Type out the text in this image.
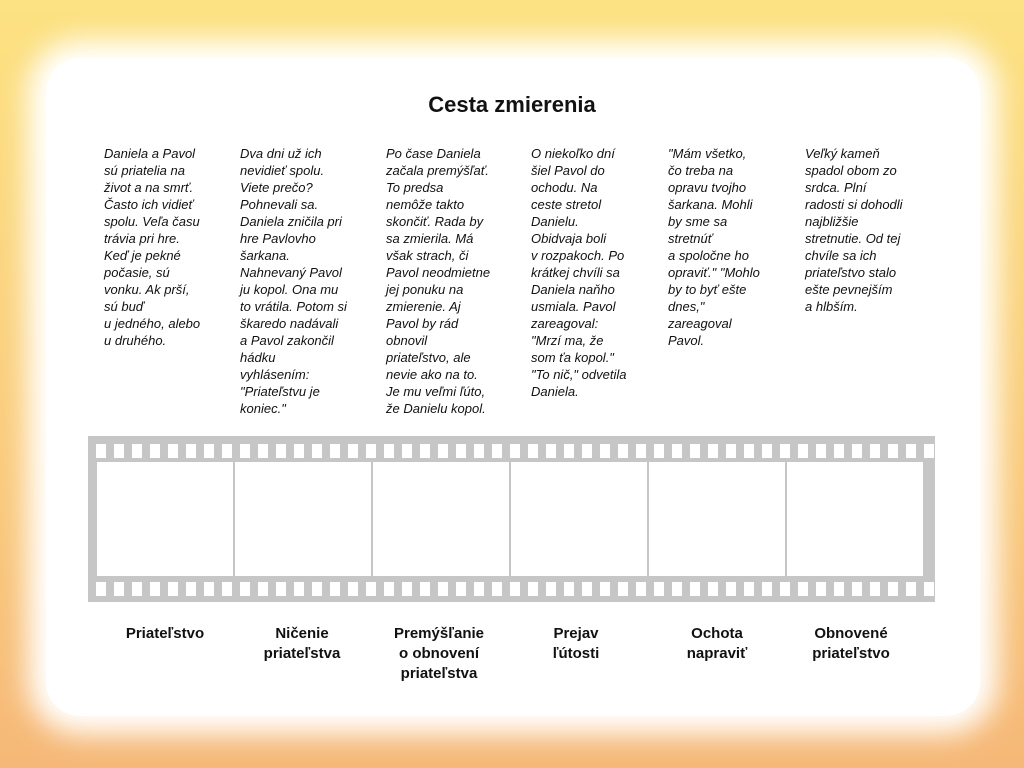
Cesta zmierenia
Daniela a Pavol
sú priatelia na
život a na smrť.
Často ich vidieť
spolu. Veľa času
trávia pri hre.
Keď je pekné
počasie, sú
vonku. Ak prší,
sú buď
u jedného, alebo
u druhého.
Dva dni už ich
nevidieť spolu.
Viete prečo?
Pohnevali sa.
Daniela zničila pri
hre Pavlovho
šarkana.
Nahnevaný Pavol
ju kopol. Ona mu
to vrátila. Potom si
škaredo nadávali
a Pavol zakončil
hádku
vyhlásením:
"Priateľstvu je
koniec."
Po čase Daniela
začala premýšľať.
To predsa
nemôže takto
skončiť. Rada by
sa zmierila. Má
však strach, či
Pavol neodmietne
jej ponuku na
zmierenie. Aj
Pavol by rád
obnovil
priateľstvo, ale
nevie ako na to.
Je mu veľmi ľúto,
že Danielu kopol.
O niekoľko dní
šiel Pavol do
ochodu. Na
ceste stretol
Danielu.
Obidvaja boli
v rozpakoch. Po
krátkej chvíli sa
Daniela naňho
usmiala. Pavol
zareagoval:
"Mrzí ma, že
som ťa kopol."
"To nič," odvetila
Daniela.
"Mám všetko,
čo treba na
opravu tvojho
šarkana. Mohli
by sme sa
stretnúť
a spoločne ho
opraviť." "Mohlo
by to byť ešte
dnes,"
zareagoval
Pavol.
Veľký kameň
spadol obom zo
srdca. Plní
radosti si dohodli
najbližšie
stretnutie. Od tej
chvíle sa ich
priateľstvo stalo
ešte pevnejším
a hlbším.
Priateľstvo	Ničenie
priateľstva
Premýšľanie
o obnovení
priateľstva
Prejav
ľútosti
Ochota
napraviť
Obnovené
priateľstvo
